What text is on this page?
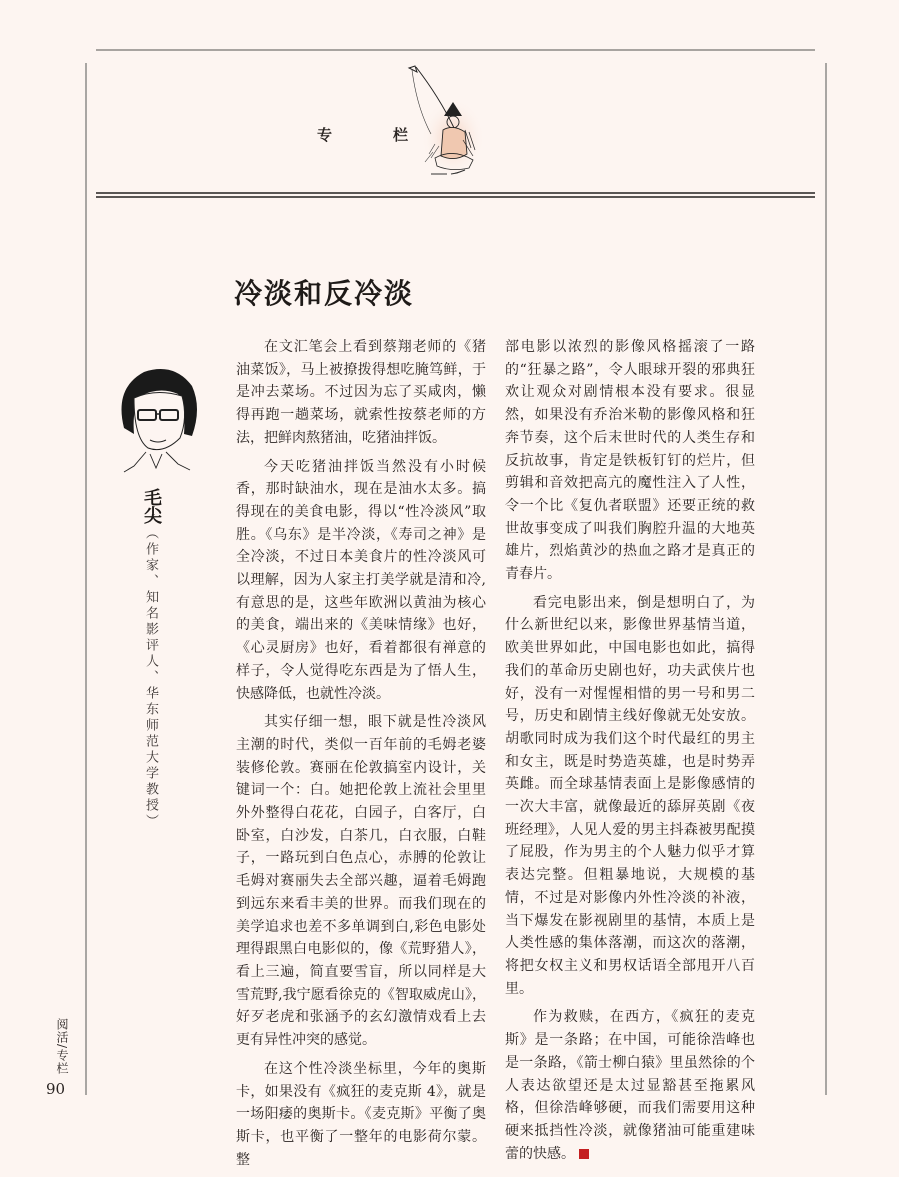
专	栏
冷淡和反冷淡
毛尖
（作家、知名影评人、华东师范大学教授）

在文汇笔会上看到蔡翔老师的《猪油菜饭》，马上被撩拨得想吃腌笃鲜，于是冲去菜场。不过因为忘了买咸肉，懒得再跑一趟菜场，就索性按蔡老师的方法，把鲜肉熬猪油，吃猪油拌饭。

今天吃猪油拌饭当然没有小时候香，那时缺油水，现在是油水太多。搞得现在的美食电影，得以“性冷淡风”取胜。《乌东》是半冷淡，《寿司之神》是全冷淡，不过日本美食片的性冷淡风可以理解，因为人家主打美学就是清和冷,有意思的是，这些年欧洲以黄油为核心的美食，端出来的《美味情缘》也好，《心灵厨房》也好，看着都很有禅意的样子，令人觉得吃东西是为了悟人生，快感降低，也就性冷淡。

其实仔细一想，眼下就是性冷淡风主潮的时代，类似一百年前的毛姆老婆装修伦敦。赛丽在伦敦搞室内设计，关键词一个：白。她把伦敦上流社会里里外外整得白花花，白园子，白客厅，白卧室，白沙发，白茶几，白衣服，白鞋子，一路玩到白色点心，赤膊的伦敦让毛姆对赛丽失去全部兴趣，逼着毛姆跑到远东来看丰美的世界。而我们现在的美学追求也差不多单调到白,彩色电影处理得跟黑白电影似的，像《荒野猎人》，看上三遍，简直要雪盲，所以同样是大雪荒野,我宁愿看徐克的《智取威虎山》，好歹老虎和张涵予的玄幻激情戏看上去更有异性冲突的感觉。

在这个性冷淡坐标里，今年的奥斯卡，如果没有《疯狂的麦克斯 4》，就是一场阳痿的奥斯卡。《麦克斯》平衡了奥斯卡，也平衡了一整年的电影荷尔蒙。整

部电影以浓烈的影像风格摇滚了一路的“狂暴之路”，令人眼球开裂的邪典狂欢让观众对剧情根本没有要求。很显然，如果没有乔治米勒的影像风格和狂奔节奏，这个后末世时代的人类生存和反抗故事，肯定是铁板钉钉的烂片，但剪辑和音效把高亢的魔性注入了人性，令一个比《复仇者联盟》还要正统的救世故事变成了叫我们胸腔升温的大地英雄片，烈焰黄沙的热血之路才是真正的青春片。

看完电影出来，倒是想明白了，为什么新世纪以来，影像世界基情当道，欧美世界如此，中国电影也如此，搞得我们的革命历史剧也好，功夫武侠片也好，没有一对惺惺相惜的男一号和男二号，历史和剧情主线好像就无处安放。胡歌同时成为我们这个时代最红的男主和女主，既是时势造英雄，也是时势弄英雌。而全球基情表面上是影像感情的一次大丰富，就像最近的舔屏英剧《夜班经理》，人见人爱的男主抖森被男配摸了屁股，作为男主的个人魅力似乎才算表达完整。但粗暴地说，大规模的基情，不过是对影像内外性冷淡的补液，当下爆发在影视剧里的基情，本质上是人类性感的集体落潮，而这次的落潮，将把女权主义和男权话语全部甩开八百里。

作为救赎，在西方，《疯狂的麦克斯》是一条路；在中国，可能徐浩峰也是一条路，《箭士柳白猿》里虽然徐的个人表达欲望还是太过显豁甚至拖累风格，但徐浩峰够硬，而我们需要用这种硬来抵挡性冷淡，就像猪油可能重建味蕾的快感。

阅活/专栏
90
